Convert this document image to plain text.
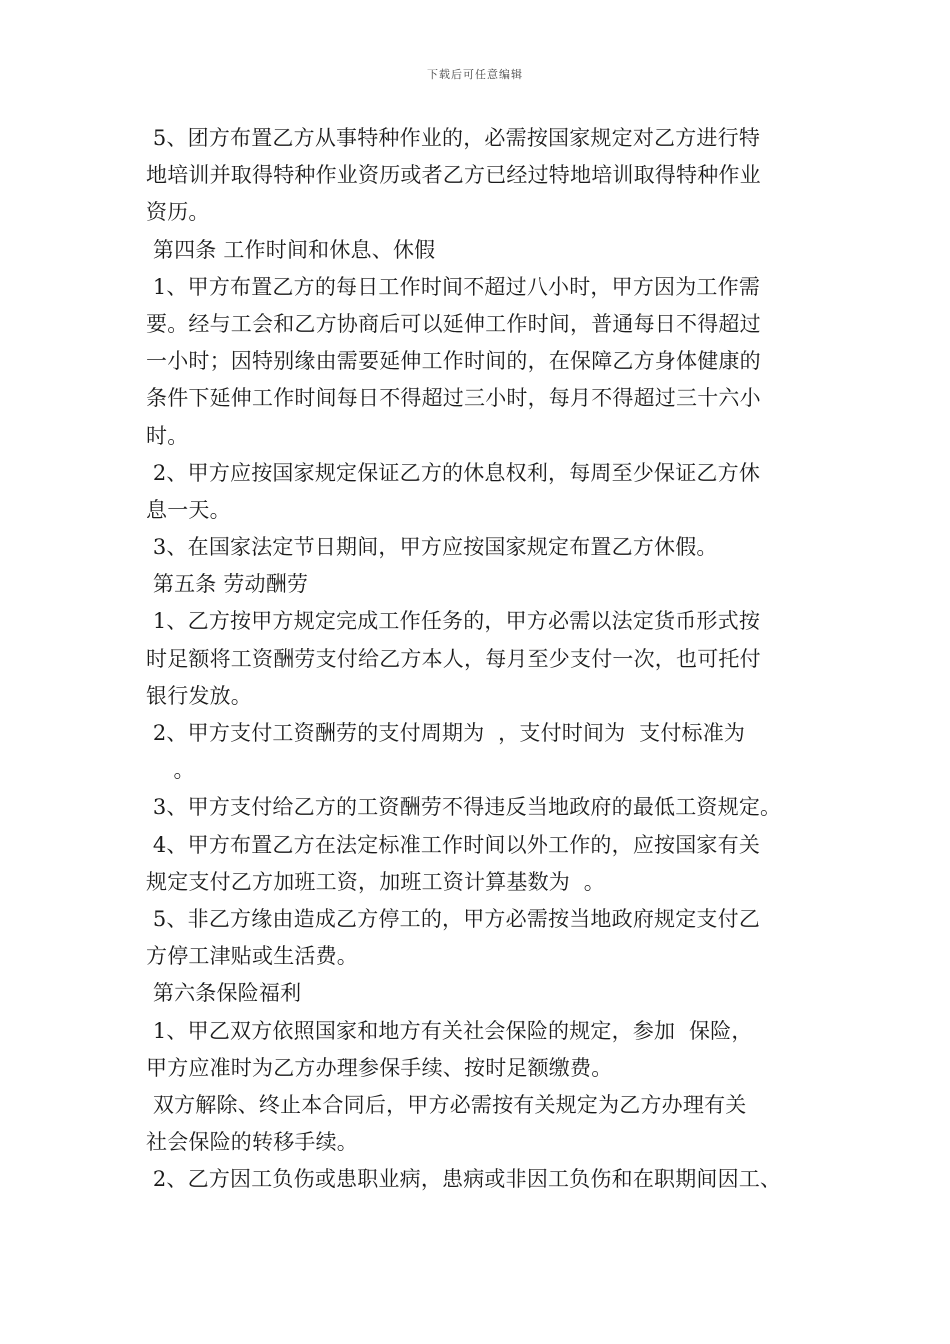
下载后可任意编辑
5、团方布置乙方从事特种作业的，必需按国家规定对乙方进行特
地培训并取得特种作业资历或者乙方已经过特地培训取得特种作业
资历。
第四条 工作时间和休息、休假
1、甲方布置乙方的每日工作时间不超过八小时，甲方因为工作需
要。经与工会和乙方协商后可以延伸工作时间，普通每日不得超过
一小时；因特别缘由需要延伸工作时间的，在保障乙方身体健康的
条件下延伸工作时间每日不得超过三小时，每月不得超过三十六小
时。
2、甲方应按国家规定保证乙方的休息权利，每周至少保证乙方休
息一天。
3、在国家法定节日期间，甲方应按国家规定布置乙方休假。
第五条 劳动酬劳
1、乙方按甲方规定完成工作任务的，甲方必需以法定货币形式按
时足额将工资酬劳支付给乙方本人，每月至少支付一次，也可托付
银行发放。
2、甲方支付工资酬劳的支付周期为  ，支付时间为  支付标准为
。
3、甲方支付给乙方的工资酬劳不得违反当地政府的最低工资规定。
4、甲方布置乙方在法定标准工作时间以外工作的，应按国家有关
规定支付乙方加班工资，加班工资计算基数为  。
5、非乙方缘由造成乙方停工的，甲方必需按当地政府规定支付乙
方停工津贴或生活费。
第六条保险福利
1、甲乙双方依照国家和地方有关社会保险的规定，参加  保险，
甲方应准时为乙方办理参保手续、按时足额缴费。
双方解除、终止本合同后，甲方必需按有关规定为乙方办理有关
社会保险的转移手续。
2、乙方因工负伤或患职业病，患病或非因工负伤和在职期间因工、
